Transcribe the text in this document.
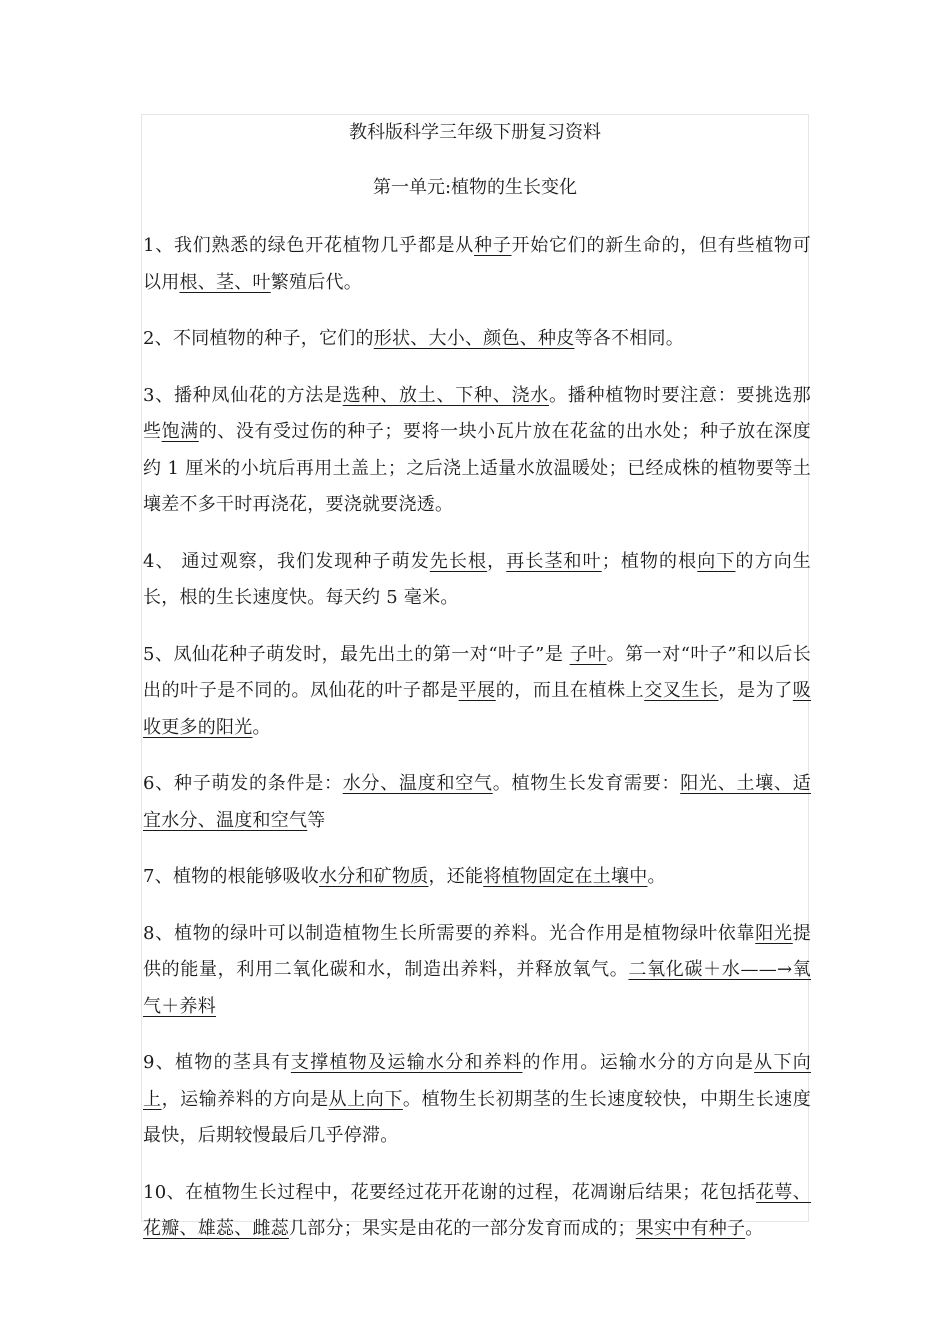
教科版科学三年级下册复习资料
第一单元:植物的生长变化

1、我们熟悉的绿色开花植物几乎都是从种子开始它们的新生命的，但有些植物可以用根、茎、叶繁殖后代。

2、不同植物的种子，它们的形状、大小、颜色、种皮等各不相同。

3、播种凤仙花的方法是选种、放土、下种、浇水。播种植物时要注意：要挑选那些饱满的、没有受过伤的种子；要将一块小瓦片放在花盆的出水处；种子放在深度约 1 厘米的小坑后再用土盖上；之后浇上适量水放温暖处；已经成株的植物要等土壤差不多干时再浇花，要浇就要浇透。

4、 通过观察，我们发现种子萌发先长根，再长茎和叶；植物的根向下的方向生长，根的生长速度快。每天约 5 毫米。

5、凤仙花种子萌发时，最先出土的第一对“叶子”是 子叶。第一对“叶子”和以后长出的叶子是不同的。凤仙花的叶子都是平展的，而且在植株上交叉生长，是为了吸收更多的阳光。

6、种子萌发的条件是：水分、温度和空气。植物生长发育需要：阳光、土壤、适宜水分、温度和空气等

7、植物的根能够吸收水分和矿物质，还能将植物固定在土壤中。

8、植物的绿叶可以制造植物生长所需要的养料。光合作用是植物绿叶依靠阳光提供的能量，利用二氧化碳和水，制造出养料，并释放氧气。二氧化碳＋水——→氧气＋养料

9、植物的茎具有支撑植物及运输水分和养料的作用。运输水分的方向是从下向上，运输养料的方向是从上向下。植物生长初期茎的生长速度较快，中期生长速度最快，后期较慢最后几乎停滞。

10、在植物生长过程中，花要经过花开花谢的过程，花凋谢后结果；花包括花萼、花瓣、雄蕊、雌蕊几部分；果实是由花的一部分发育而成的；果实中有种子。
